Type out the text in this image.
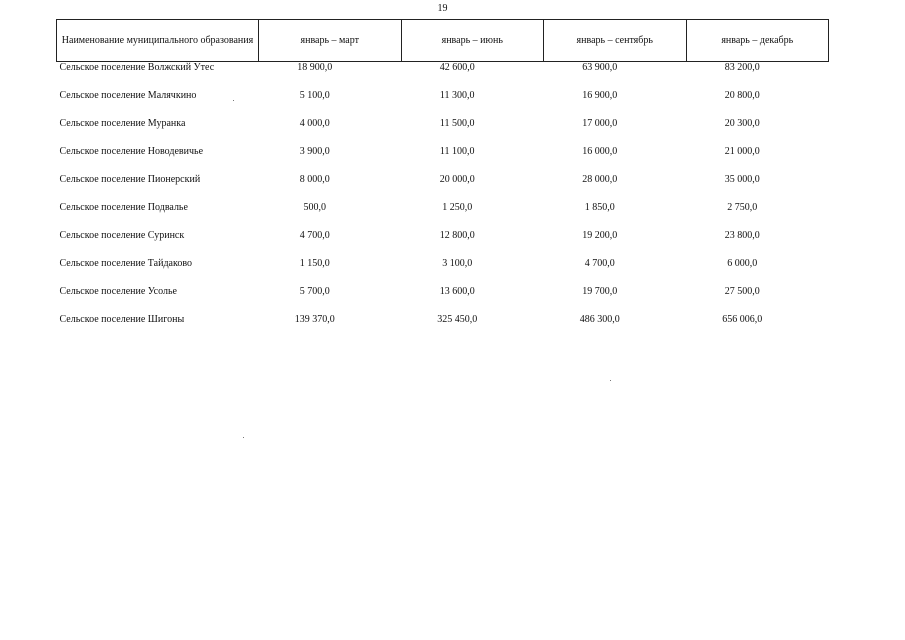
19
Наименование муниципального образования	январь – март	январь – июнь	январь – сентябрь	январь – декабрь
Сельское поселение Волжский Утес	18 900,0	42 600,0	63 900,0	83 200,0
Сельское поселение Малячкино	5 100,0	11 300,0	16 900,0	20 800,0
Сельское поселение Муранка	4 000,0	11 500,0	17 000,0	20 300,0
Сельское поселение Новодевичье	3 900,0	11 100,0	16 000,0	21 000,0
Сельское поселение Пионерский	8 000,0	20 000,0	28 000,0	35 000,0
Сельское поселение Подвалье	500,0	1 250,0	1 850,0	2 750,0
Сельское поселение Суринск	4 700,0	12 800,0	19 200,0	23 800,0
Сельское поселение Тайдаково	1 150,0	3 100,0	4 700,0	6 000,0
Сельское поселение Усолье	5 700,0	13 600,0	19 700,0	27 500,0
Сельское поселение Шигоны	139 370,0	325 450,0	486 300,0	656 006,0
